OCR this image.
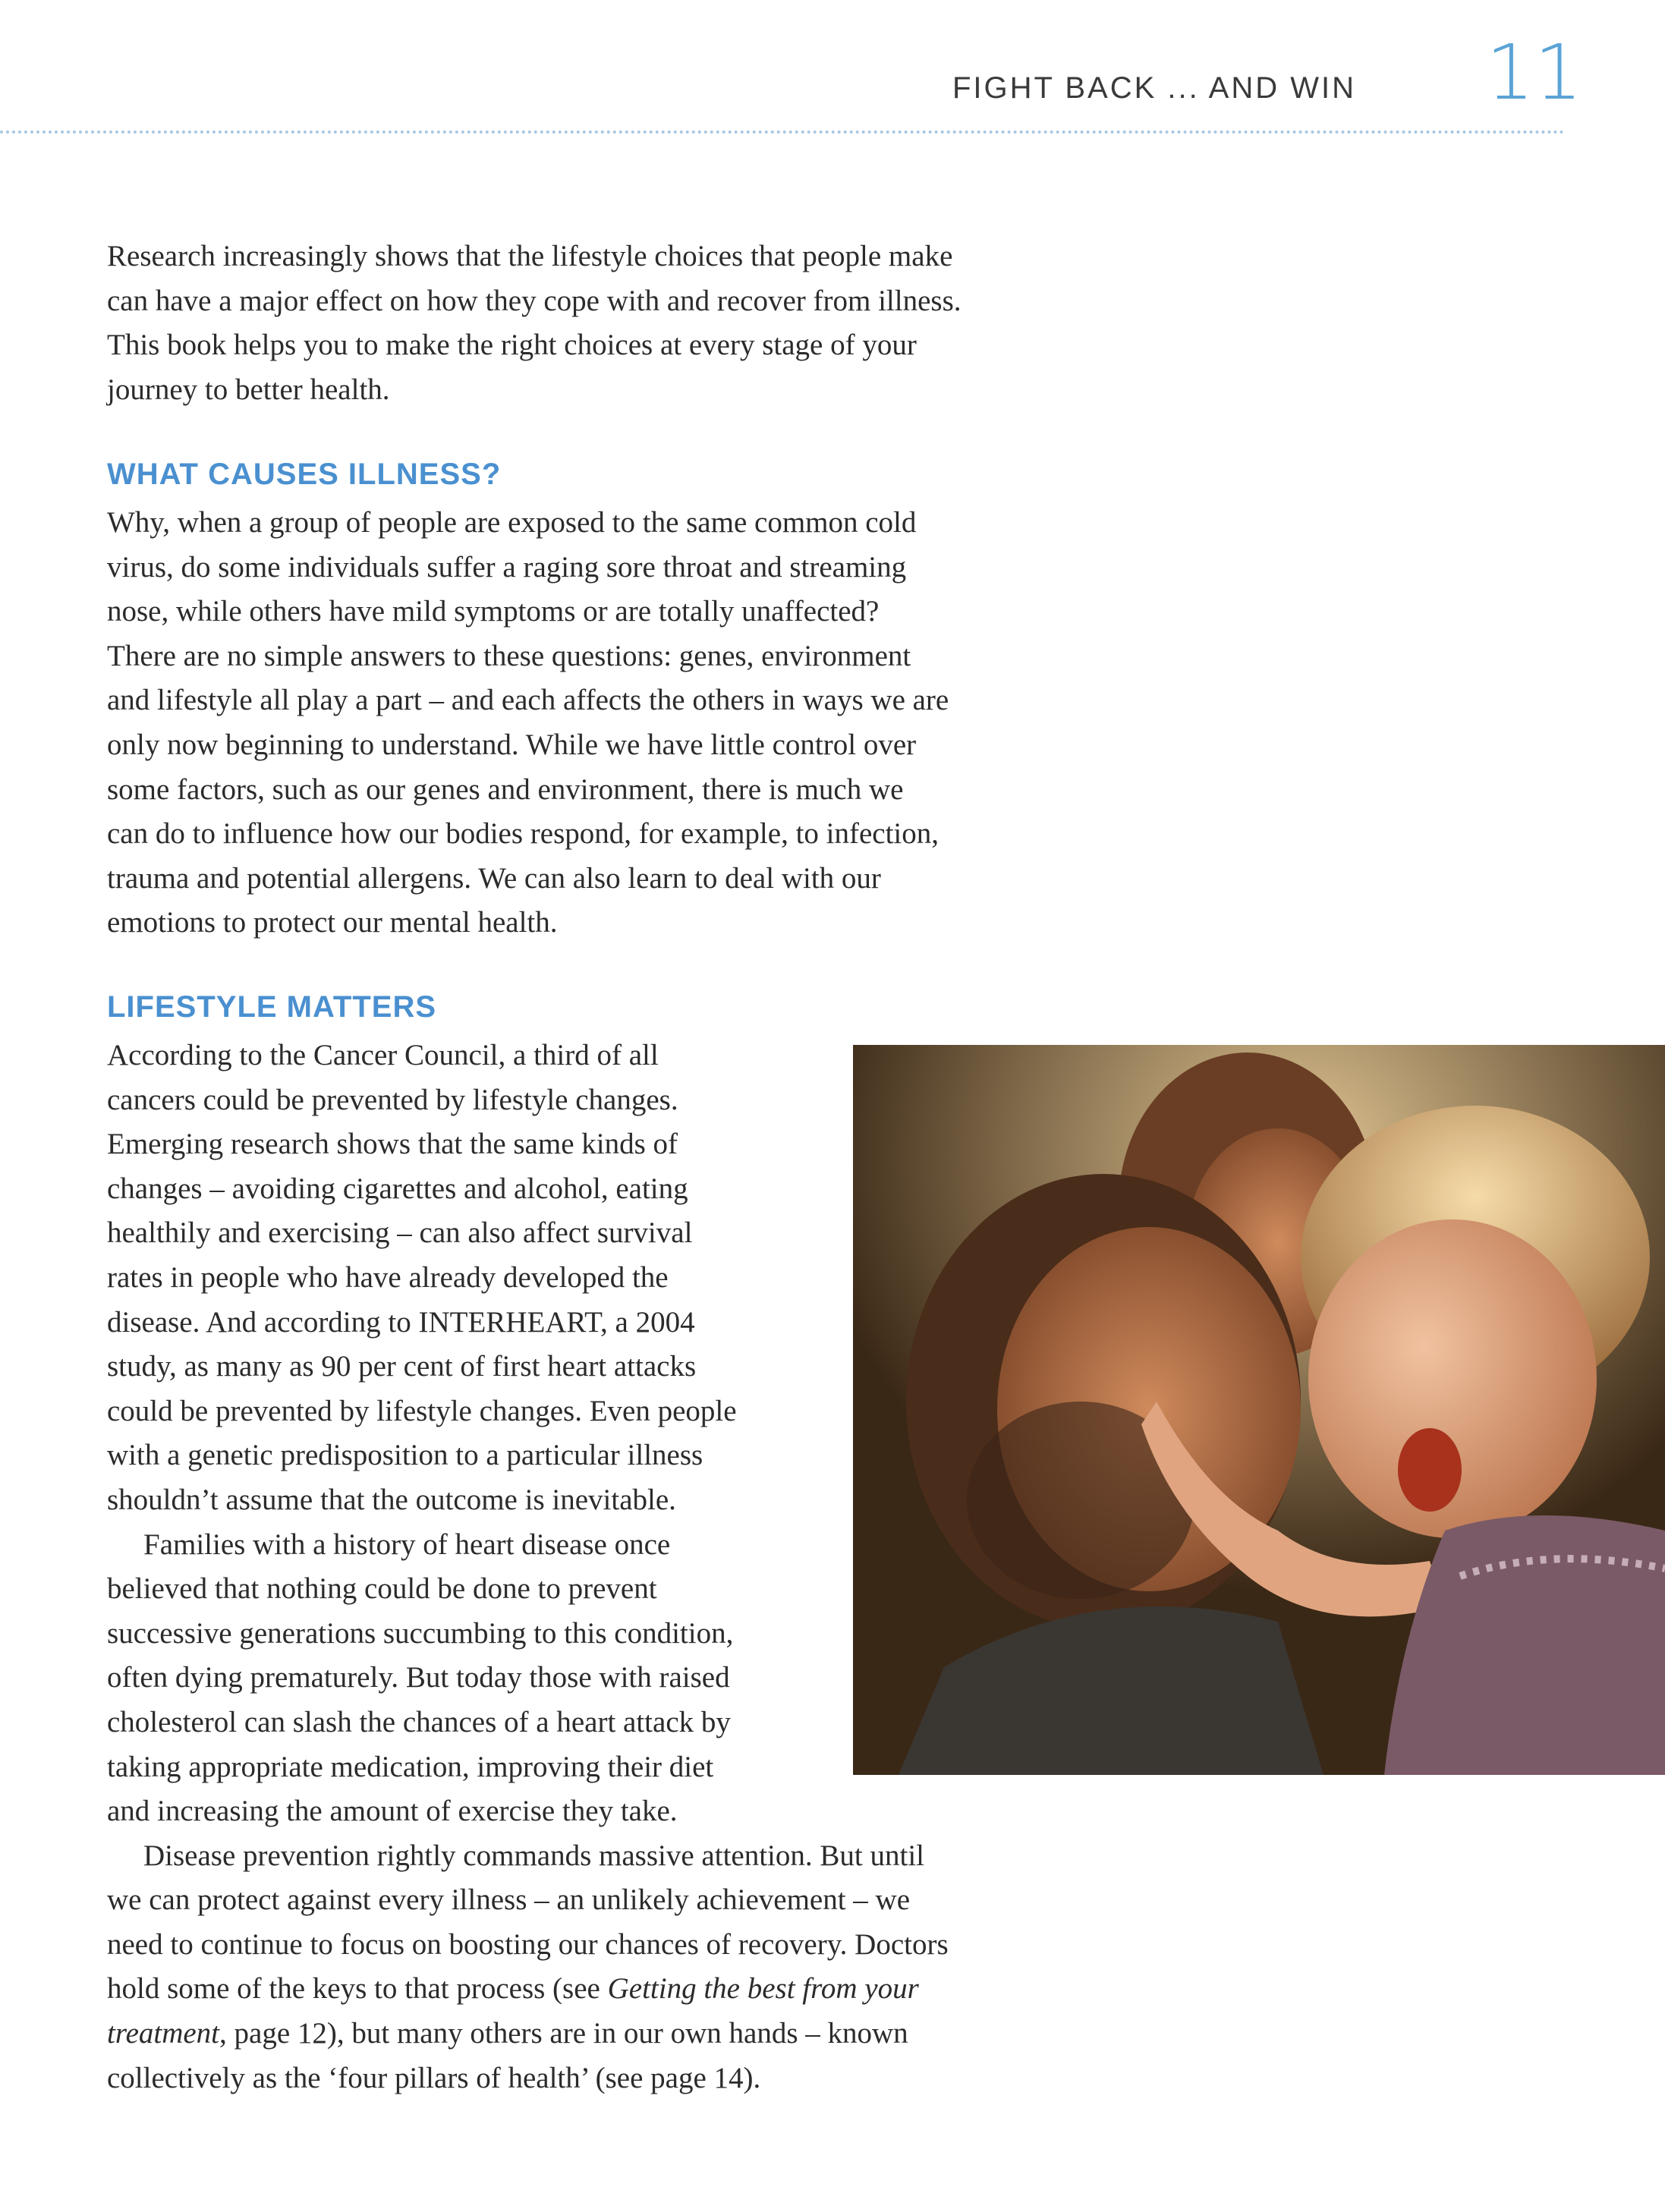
FIGHT BACK ... AND WIN 11

Research increasingly shows that the lifestyle choices that people make

can have a major effect on how they cope with and recover from illness.

This book helps you to make the right choices at every stage of your

journey to better health.

WHAT CAUSES ILLNESS?

Why, when a group of people are exposed to the same common cold

virus, do some individuals suffer a raging sore throat and streaming

nose, while others have mild symptoms or are totally unaffected?

There are no simple answers to these questions: genes, environment

and lifestyle all play a part – and each affects the others in ways we are

only now beginning to understand. While we have little control over

some factors, such as our genes and environment, there is much we

can do to influence how our bodies respond, for example, to infection,

trauma and potential allergens. We can also learn to deal with our

emotions to protect our mental health.

LIFESTYLE MATTERS

According to the Cancer Council, a third of all

cancers could be prevented by lifestyle changes.

Emerging research shows that the same kinds of

changes – avoiding cigarettes and alcohol, eating

healthily and exercising – can also affect survival

rates in people who have already developed the

disease. And according to INTERHEART, a 2004

study, as many as 90 per cent of first heart attacks

could be prevented by lifestyle changes. Even people

with a genetic predisposition to a particular illness

shouldn’t assume that the outcome is inevitable.

Families with a history of heart disease once

believed that nothing could be done to prevent

successive generations succumbing to this condition,

often dying prematurely. But today those with raised

cholesterol can slash the chances of a heart attack by

taking appropriate medication, improving their diet

and increasing the amount of exercise they take.

Disease prevention rightly commands massive attention. But until

we can protect against every illness – an unlikely achievement – we

need to continue to focus on boosting our chances of recovery. Doctors

hold some of the keys to that process (see Getting the best from your

treatment, page 12), but many others are in our own hands – known

collectively as the ‘four pillars of health’ (see page 14).
